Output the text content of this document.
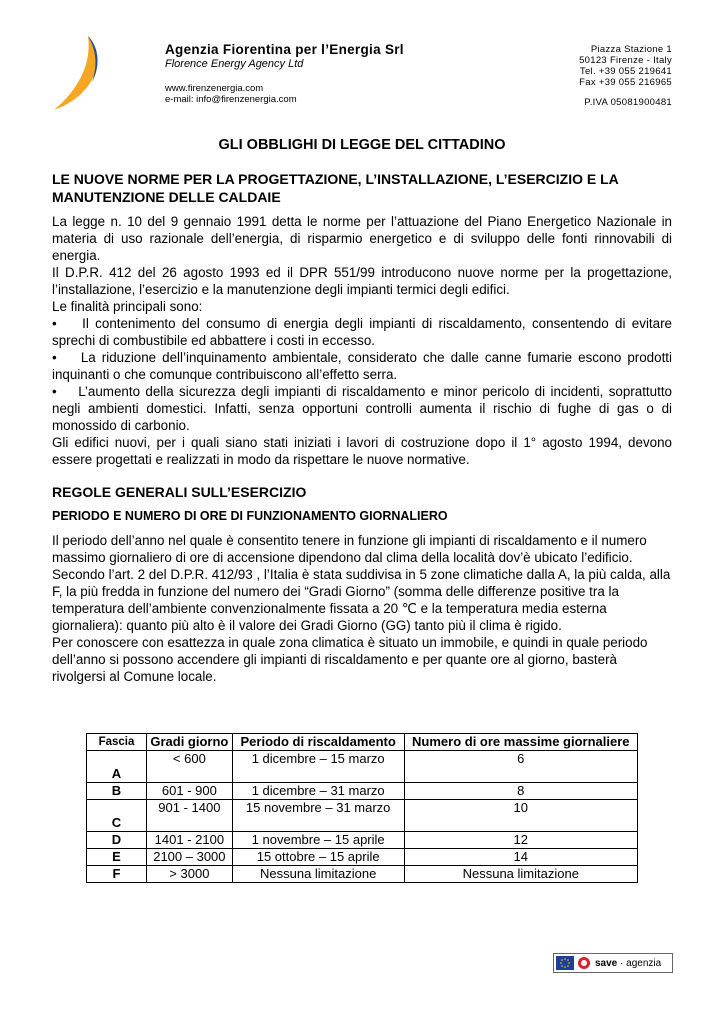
Agenzia Fiorentina per l’Energia Srl
Florence Energy Agency Ltd
www.firenzenergia.com
e-mail: info@firenzenergia.com
Piazza Stazione 1
50123 Firenze - Italy
Tel. +39 055 219641
Fax +39 055 216965
P.IVA 05081900481
GLI OBBLIGHI DI LEGGE DEL CITTADINO
LE NUOVE NORME PER LA PROGETTAZIONE, L’INSTALLAZIONE, L’ESERCIZIO E LA MANUTENZIONE DELLE CALDAIE

La legge n. 10 del 9 gennaio 1991 detta le norme per l’attuazione del Piano Energetico Nazionale in materia di uso razionale dell’energia, di risparmio energetico e di sviluppo delle fonti rinnovabili di energia.

Il D.P.R. 412 del 26 agosto 1993 ed il DPR 551/99 introducono nuove norme per la progettazione, l’installazione, l’esercizio e la manutenzione degli impianti termici degli edifici.

Le finalità principali sono:

• Il contenimento del consumo di energia degli impianti di riscaldamento, consentendo di evitare sprechi di combustibile ed abbattere i costi in eccesso.

• La riduzione dell’inquinamento ambientale, considerato che dalle canne fumarie escono prodotti inquinanti o che comunque contribuiscono all’effetto serra.

• L’aumento della sicurezza degli impianti di riscaldamento e minor pericolo di incidenti, soprattutto negli ambienti domestici. Infatti, senza opportuni controlli aumenta il rischio di fughe di gas o di monossido di carbonio.

Gli edifici nuovi, per i quali siano stati iniziati i lavori di costruzione dopo il 1° agosto 1994, devono essere progettati e realizzati in modo da rispettare le nuove normative.

REGOLE GENERALI SULL’ESERCIZIO
PERIODO E NUMERO DI ORE DI FUNZIONAMENTO GIORNALIERO

Il periodo dell’anno nel quale è consentito tenere in funzione gli impianti di riscaldamento e il numero massimo giornaliero di ore di accensione dipendono dal clima della località dov’è ubicato l’edificio.

Secondo l’art. 2 del D.P.R. 412/93 , l’Italia è stata suddivisa in 5 zone climatiche dalla A, la più calda, alla F, la più fredda in funzione del numero dei “Gradi Giorno” (somma delle differenze positive tra la temperatura dell’ambiente convenzionalmente fissata a 20 ℃ e la temperatura media esterna giornaliera): quanto più alto è il valore dei Gradi Giorno (GG) tanto più il clima è rigido.

Per conoscere con esattezza in quale zona climatica è situato un immobile, e quindi in quale periodo dell’anno si possono accendere gli impianti di riscaldamento e per quante ore al giorno, basterà rivolgersi al Comune locale.

Fascia	Gradi giorno	Periodo di riscaldamento	Numero di ore massime giornaliere
A	< 600	1 dicembre – 15 marzo	6
B	601 - 900	1 dicembre – 31 marzo	8
C	901 - 1400	15 novembre – 31 marzo	10
D	1401 - 2100	1 novembre – 15 aprile	12
E	2100 – 3000	15 ottobre – 15 aprile	14
F	> 3000	Nessuna limitazione	Nessuna limitazione
save · agenzia
